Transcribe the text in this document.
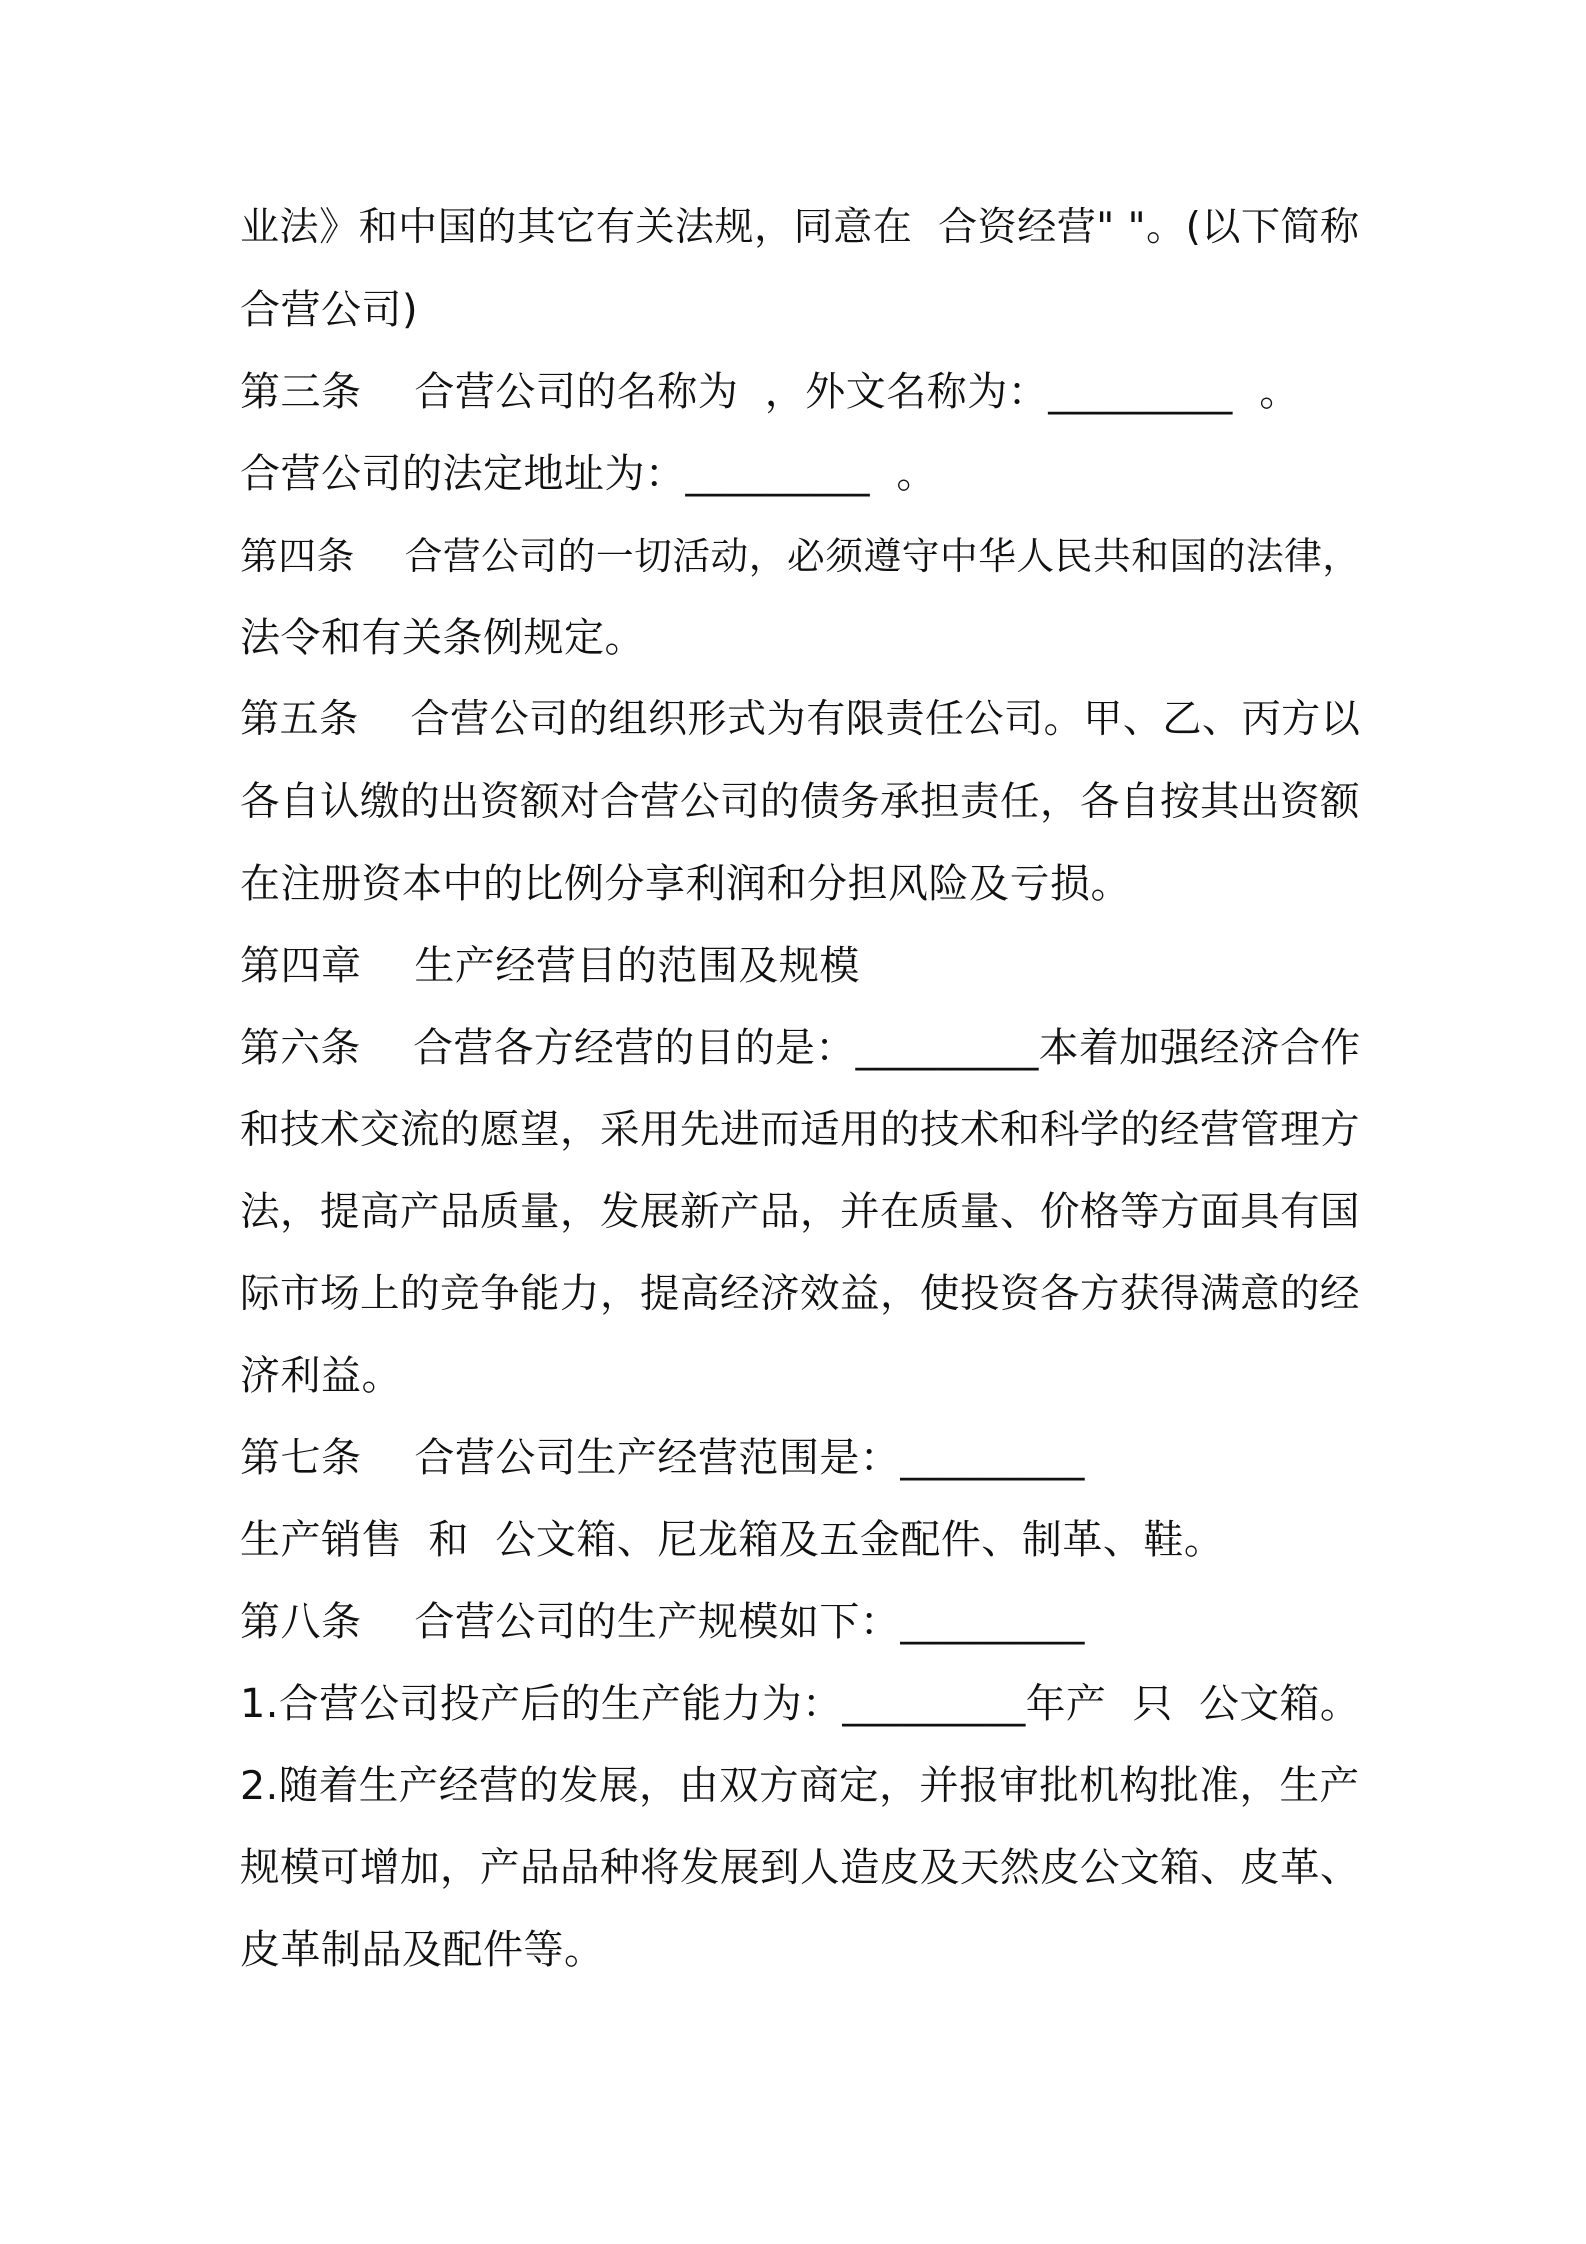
业法》和中国的其它有关法规，同意在  合资经营" "。(以下简称
合营公司)
第三条    合营公司的名称为  ，外文名称为：_________  。
合营公司的法定地址为：_________  。
第四条    合营公司的一切活动，必须遵守中华人民共和国的法律，
法令和有关条例规定。
第五条    合营公司的组织形式为有限责任公司。甲、乙、丙方以
各自认缴的出资额对合营公司的债务承担责任，各自按其出资额
在注册资本中的比例分享利润和分担风险及亏损。
第四章    生产经营目的范围及规模
第六条    合营各方经营的目的是：_________本着加强经济合作
和技术交流的愿望，采用先进而适用的技术和科学的经营管理方
法，提高产品质量，发展新产品，并在质量、价格等方面具有国
际市场上的竞争能力，提高经济效益，使投资各方获得满意的经
济利益。
第七条    合营公司生产经营范围是：_________
生产销售  和  公文箱、尼龙箱及五金配件、制革、鞋。
第八条    合营公司的生产规模如下：_________
1.合营公司投产后的生产能力为：_________年产  只  公文箱。
2.随着生产经营的发展，由双方商定，并报审批机构批准，生产
规模可增加，产品品种将发展到人造皮及天然皮公文箱、皮革、
皮革制品及配件等。
